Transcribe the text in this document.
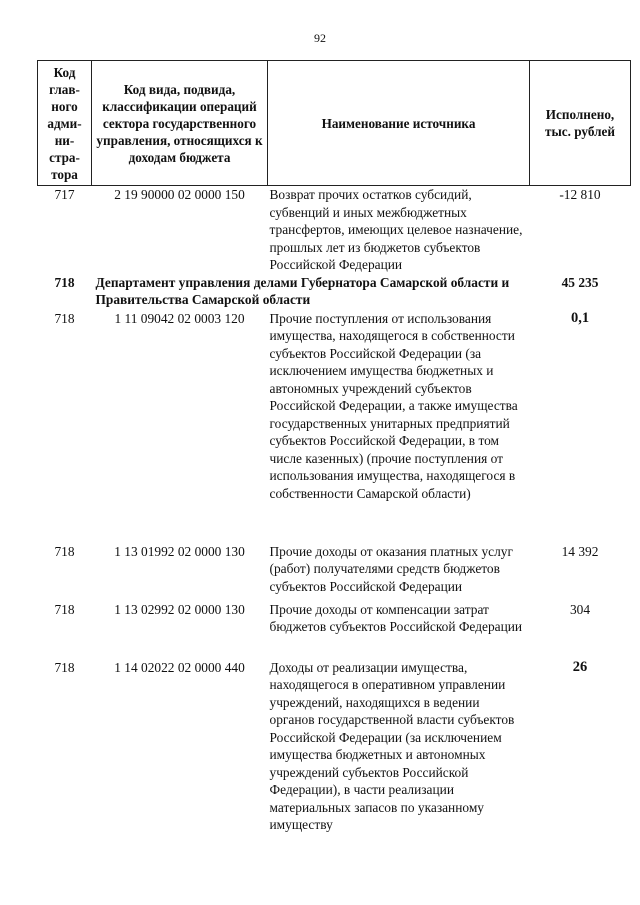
92
Код глав-ного адми-ни-стра-тора	Код вида, подвида, классификации операций сектора государственного управления, относящихся к доходам бюджета	Наименование источника	Исполнено, тыс. рублей
717	2 19 90000 02 0000 150	Возврат прочих остатков субсидий, субвенций и иных межбюджетных трансфертов, имеющих целевое назначение, прошлых лет из бюджетов субъектов Российской Федерации	-12 810
718	Департамент управления делами Губернатора Самарской области и Правительства Самарской области		45 235
718	1 11 09042 02 0003 120	Прочие поступления от использования имущества, находящегося в собственности субъектов Российской Федерации (за исключением имущества бюджетных и автономных учреждений субъектов Российской Федерации, а также имущества государственных унитарных предприятий субъектов Российской Федерации, в том числе казенных) (прочие поступления от использования имущества, находящегося в собственности Самарской области)	0,1
718	1 13 01992 02 0000 130	Прочие доходы от оказания платных услуг (работ) получателями средств бюджетов субъектов Российской Федерации	14 392
718	1 13 02992 02 0000 130	Прочие доходы от компенсации затрат бюджетов субъектов Российской Федерации	304
718	1 14 02022 02 0000 440	Доходы от реализации имущества, находящегося в оперативном управлении учреждений, находящихся в ведении органов государственной власти субъектов Российской Федерации (за исключением имущества бюджетных и автономных учреждений субъектов Российской Федерации), в части реализации материальных запасов по указанному имуществу	26
